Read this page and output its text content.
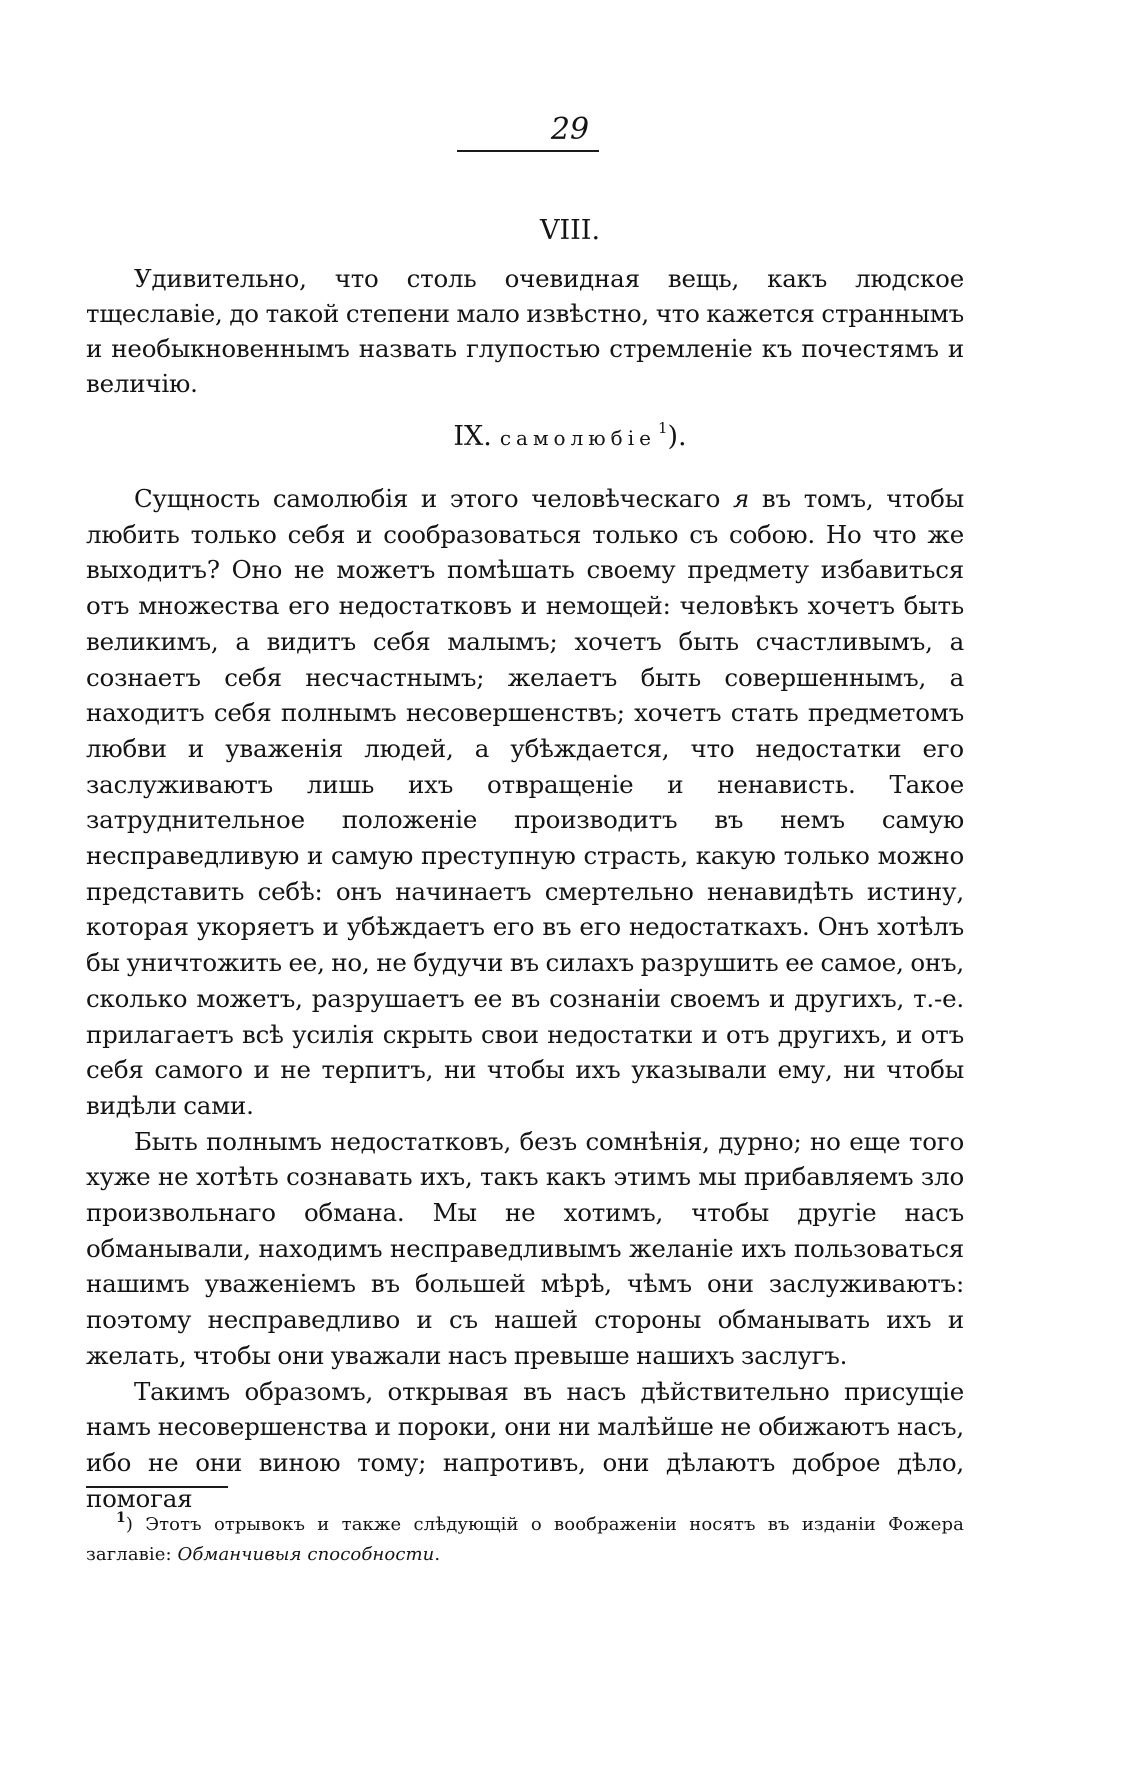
29
VIII.

Удивительно, что столь очевидная вещь, какъ людское тщеславіе, до такой степени мало извѣстно, что кажется страннымъ и необыкновеннымъ назвать глупостью стремленіе къ почестямъ и величію.

IX. самолюбіе $^1$).

Сущность самолюбія и этого человѣческаго я въ томъ, чтобы любить только себя и сообразоваться только съ собою. Но что же выходитъ? Оно не можетъ помѣшать своему предмету избавиться отъ множества его недостатковъ и немощей: человѣкъ хочетъ быть великимъ, а видитъ себя малымъ; хочетъ быть счастливымъ, а сознаетъ себя несчастнымъ; желаетъ быть совершеннымъ, а находитъ себя полнымъ несовершенствъ; хочетъ стать предметомъ любви и уваженія людей, а убѣждается, что недостатки его заслуживаютъ лишь ихъ отвращеніе и ненависть. Такое затруднительное положеніе производитъ въ немъ самую несправедливую и самую преступную страсть, какую только можно представить себѣ: онъ начинаетъ смертельно ненавидѣть истину, которая укоряетъ и убѣждаетъ его въ его недостаткахъ. Онъ хотѣлъ бы уничтожить ее, но, не будучи въ силахъ разрушить ее самое, онъ, сколько можетъ, разрушаетъ ее въ сознаніи своемъ и другихъ, т.-е. прилагаетъ всѣ усилія скрыть свои недостатки и отъ другихъ, и отъ себя самого и не терпитъ, ни чтобы ихъ указывали ему, ни чтобы видѣли сами.

Быть полнымъ недостатковъ, безъ сомнѣнія, дурно; но еще того хуже не хотѣть сознавать ихъ, такъ какъ этимъ мы прибавляемъ зло произвольнаго обмана. Мы не хотимъ, чтобы другіе насъ обманывали, находимъ несправедливымъ желаніе ихъ пользоваться нашимъ уваженіемъ въ большей мѣрѣ, чѣмъ они заслуживаютъ: поэтому несправедливо и съ нашей стороны обманывать ихъ и желать, чтобы они уважали насъ превыше нашихъ заслугъ.

Такимъ образомъ, открывая въ насъ дѣйствительно присущіе намъ несовершенства и пороки, они ни малѣйше не обижаютъ насъ, ибо не они виною тому; напротивъ, они дѣлаютъ доброе дѣло, помогая

$^1$) Этотъ отрывокъ и также слѣдующій о воображеніи носятъ въ изданіи Фожера заглавіе: Обманчивыя способности.
